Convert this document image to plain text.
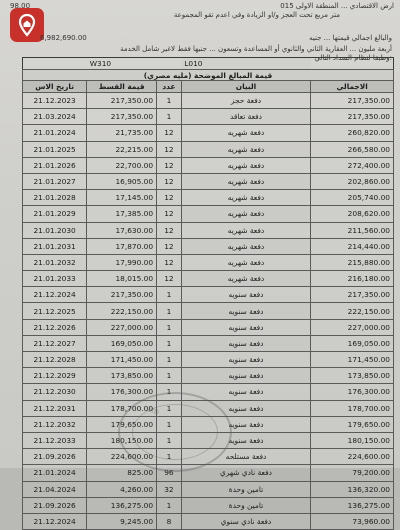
98.00	ارض الاقتصادي ... المنطقة الاولى 015
متر مربع تحت العجز و/او الزيادة وفي اعدم تقو المجموعة
6,982,690.00	والبالغ اجمالي قيمتها ... جنيه
أربعة مليون ... العقارية الثاني والثانوي أو المساعدة وتسعون ... جنيها فقط لاغير شامل الخدمة
وطبقا لنظام السداد التالي:
	W310		L010	
قيمة المبالغ الموضحة (مليه مصري)				
تاريخ الاس	قيمة القسط	عدد	البيان	الاجمالي
21.12.2023	217,350.00	1	دفعة حجز	217,350.00
21.03.2024	217,350.00	1	دفعة تعاقد	217,350.00
21.01.2024	21,735.00	12	دفعة شهريه	260,820.00
21.01.2025	22,215.00	12	دفعة شهريه	266,580.00
21.01.2026	22,700.00	12	دفعة شهريه	272,400.00
21.01.2027	16,905.00	12	دفعة شهريه	202,860.00
21.01.2028	17,145.00	12	دفعة شهريه	205,740.00
21.01.2029	17,385.00	12	دفعة شهريه	208,620.00
21.01.2030	17,630.00	12	دفعة شهريه	211,560.00
21.01.2031	17,870.00	12	دفعة شهريه	214,440.00
21.01.2032	17,990.00	12	دفعة شهريه	215,880.00
21.01.2033	18,015.00	12	دفعة شهريه	216,180.00
21.12.2024	217,350.00	1	دفعة سنويه	217,350.00
21.12.2025	222,150.00	1	دفعة سنويه	222,150.00
21.12.2026	227,000.00	1	دفعة سنويه	227,000.00
21.12.2027	169,050.00	1	دفعة سنويه	169,050.00
21.12.2028	171,450.00	1	دفعة سنويه	171,450.00
21.12.2029	173,850.00	1	دفعة سنويه	173,850.00
21.12.2030	176,300.00	1	دفعة سنويه	176,300.00
21.12.2031	178,700.00	1	دفعة سنويه	178,700.00
21.12.2032	179,650.00	1	دفعة سنويه	179,650.00
21.12.2033	180,150.00	1	دفعة سنويه	180,150.00
21.09.2026	224,600.00	1	دفعة مستلحه	224,600.00
21.01.2024	825.00	96	دفعة نادي شهري	79,200.00
21.04.2024	4,260.00	32	تامين وحدة	136,320.00
21.09.2026	136,275.00	1	تامين وحدة	136,275.00
21.12.2024	9,245.00	8	دفعة نادي سنوي	73,960.00
LTD
